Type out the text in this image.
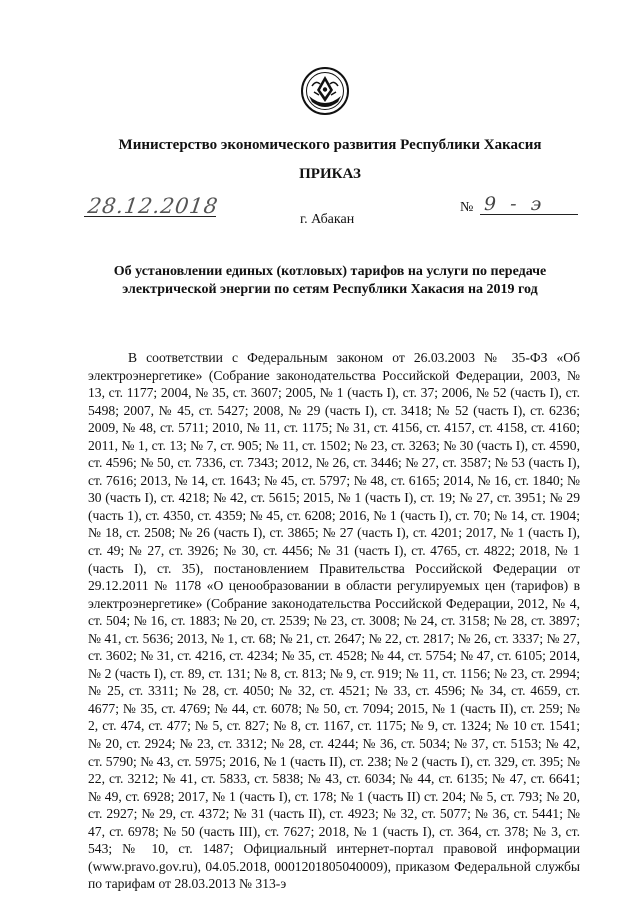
Министерство экономического развития Республики Хакасия
ПРИКАЗ
28.12.2018
г. Абакан
№ 9 - э
Об установлении единых (котловых) тарифов на услуги по передаче
электрической энергии по сетям Республики Хакасия на 2019 год

В соответствии с Федеральным законом от 26.03.2003 № 35-ФЗ «Об электроэнергетике» (Собрание законодательства Российской Федерации, 2003, № 13, ст. 1177; 2004, № 35, ст. 3607; 2005, № 1 (часть I), ст. 37; 2006, № 52 (часть I), ст. 5498; 2007, № 45, ст. 5427; 2008, № 29 (часть I), ст. 3418; № 52 (часть I), ст. 6236; 2009, № 48, ст. 5711; 2010, № 11, ст. 1175; № 31, ст. 4156, ст. 4157, ст. 4158, ст. 4160; 2011, № 1, ст. 13; № 7, ст. 905; № 11, ст. 1502; № 23, ст. 3263; № 30 (часть I), ст. 4590, ст. 4596; № 50, ст. 7336, ст. 7343; 2012, № 26, ст. 3446; № 27, ст. 3587; № 53 (часть I), ст. 7616; 2013, № 14, ст. 1643; № 45, ст. 5797; № 48, ст. 6165; 2014, № 16, ст. 1840; № 30 (часть I), ст. 4218; № 42, ст. 5615; 2015, № 1 (часть I), ст. 19; № 27, ст. 3951; № 29 (часть 1), ст. 4350, ст. 4359; № 45, ст. 6208; 2016, № 1 (часть I), ст. 70; № 14, ст. 1904; № 18, ст. 2508; № 26 (часть I), ст. 3865; № 27 (часть I), ст. 4201; 2017, № 1 (часть I), ст. 49; № 27, ст. 3926; № 30, ст. 4456; № 31 (часть I), ст. 4765, ст. 4822; 2018, № 1 (часть I), ст. 35), постановлением Правительства Российской Федерации от 29.12.2011 № 1178 «О ценообразовании в области регулируемых цен (тарифов) в электроэнергетике» (Собрание законодательства Российской Федерации, 2012, № 4, ст. 504; № 16, ст. 1883; № 20, ст. 2539; № 23, ст. 3008; № 24, ст. 3158; № 28, ст. 3897; № 41, ст. 5636; 2013, № 1, ст. 68; № 21, ст. 2647; № 22, ст. 2817; № 26, ст. 3337; № 27, ст. 3602; № 31, ст. 4216, ст. 4234; № 35, ст. 4528; № 44, ст. 5754; № 47, ст. 6105; 2014, № 2 (часть I), ст. 89, ст. 131; № 8, ст. 813; № 9, ст. 919; № 11, ст. 1156; № 23, ст. 2994; № 25, ст. 3311; № 28, ст. 4050; № 32, ст. 4521; № 33, ст. 4596; № 34, ст. 4659, ст. 4677; № 35, ст. 4769; № 44, ст. 6078; № 50, ст. 7094; 2015, № 1 (часть II), ст. 259; № 2, ст. 474, ст. 477; № 5, ст. 827; № 8, ст. 1167, ст. 1175; № 9, ст. 1324; № 10 ст. 1541; № 20, ст. 2924; № 23, ст. 3312; № 28, ст. 4244; № 36, ст. 5034; № 37, ст. 5153; № 42, ст. 5790; № 43, ст. 5975; 2016, № 1 (часть II), ст. 238; № 2 (часть I), ст. 329, ст. 395; № 22, ст. 3212; № 41, ст. 5833, ст. 5838; № 43, ст. 6034; № 44, ст. 6135; № 47, ст. 6641; № 49, ст. 6928; 2017, № 1 (часть I), ст. 178; № 1 (часть II) ст. 204; № 5, ст. 793; № 20, ст. 2927; № 29, ст. 4372; № 31 (часть II), ст. 4923; № 32, ст. 5077; № 36, ст. 5441; № 47, ст. 6978; № 50 (часть III), ст. 7627; 2018, № 1 (часть I), ст. 364, ст. 378; № 3, ст. 543; № 10, ст. 1487; Официальный интернет-портал правовой информации (www.pravo.gov.ru), 04.05.2018, 0001201805040009), приказом Федеральной службы по тарифам от 28.03.2013 № 313-э
